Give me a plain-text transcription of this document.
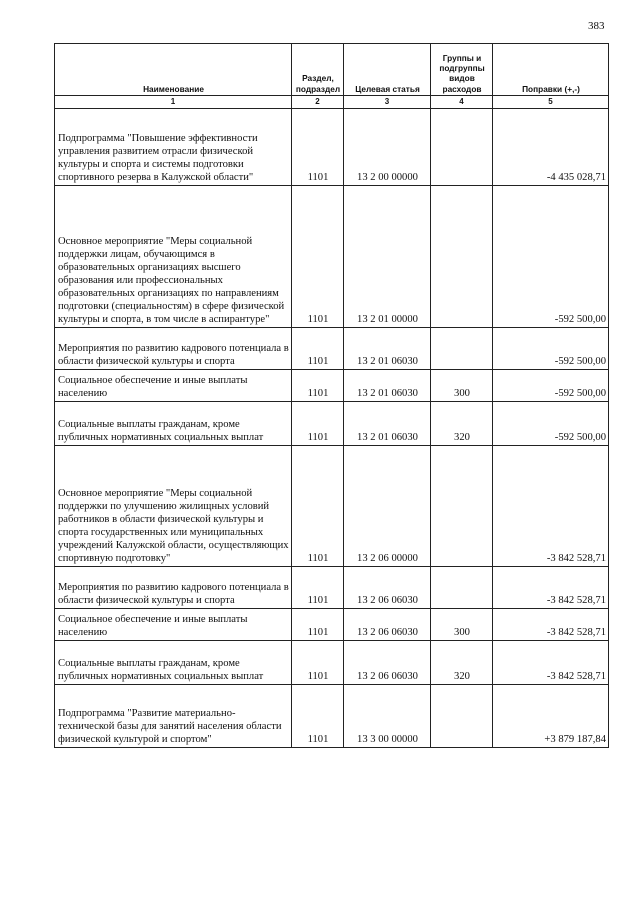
383
Наименование	Раздел, подраздел	Целевая статья	Группы и подгруппы видов расходов	Поправки (+,-)
1	2	3	4	5
Подпрограмма "Повышение эффективности управления развитием отрасли физической культуры и спорта и системы подготовки спортивного резерва в Калужской области"	1101	13 2 00 00000		-4 435 028,71
Основное мероприятие "Меры социальной поддержки лицам, обучающимся в образовательных организациях высшего образования или профессиональных образовательных организациях по направлениям подготовки (специальностям) в сфере физической культуры и спорта, в том числе в аспирантуре"	1101	13 2 01 00000		-592 500,00
Мероприятия по развитию кадрового потенциала в области физической культуры и спорта	1101	13 2 01 06030		-592 500,00
Социальное обеспечение и иные выплаты населению	1101	13 2 01 06030	300	-592 500,00
Социальные выплаты гражданам, кроме публичных нормативных социальных выплат	1101	13 2 01 06030	320	-592 500,00
Основное мероприятие "Меры социальной поддержки по улучшению жилищных условий работников в области физической культуры и спорта государственных или муниципальных учреждений Калужской области, осуществляющих спортивную подготовку"	1101	13 2 06 00000		-3 842 528,71
Мероприятия по развитию кадрового потенциала в области физической культуры и спорта	1101	13 2 06 06030		-3 842 528,71
Социальное обеспечение и иные выплаты населению	1101	13 2 06 06030	300	-3 842 528,71
Социальные выплаты гражданам, кроме публичных нормативных социальных выплат	1101	13 2 06 06030	320	-3 842 528,71
Подпрограмма "Развитие материально-технической базы для занятий населения области физической культурой и спортом"	1101	13 3 00 00000		+3 879 187,84
